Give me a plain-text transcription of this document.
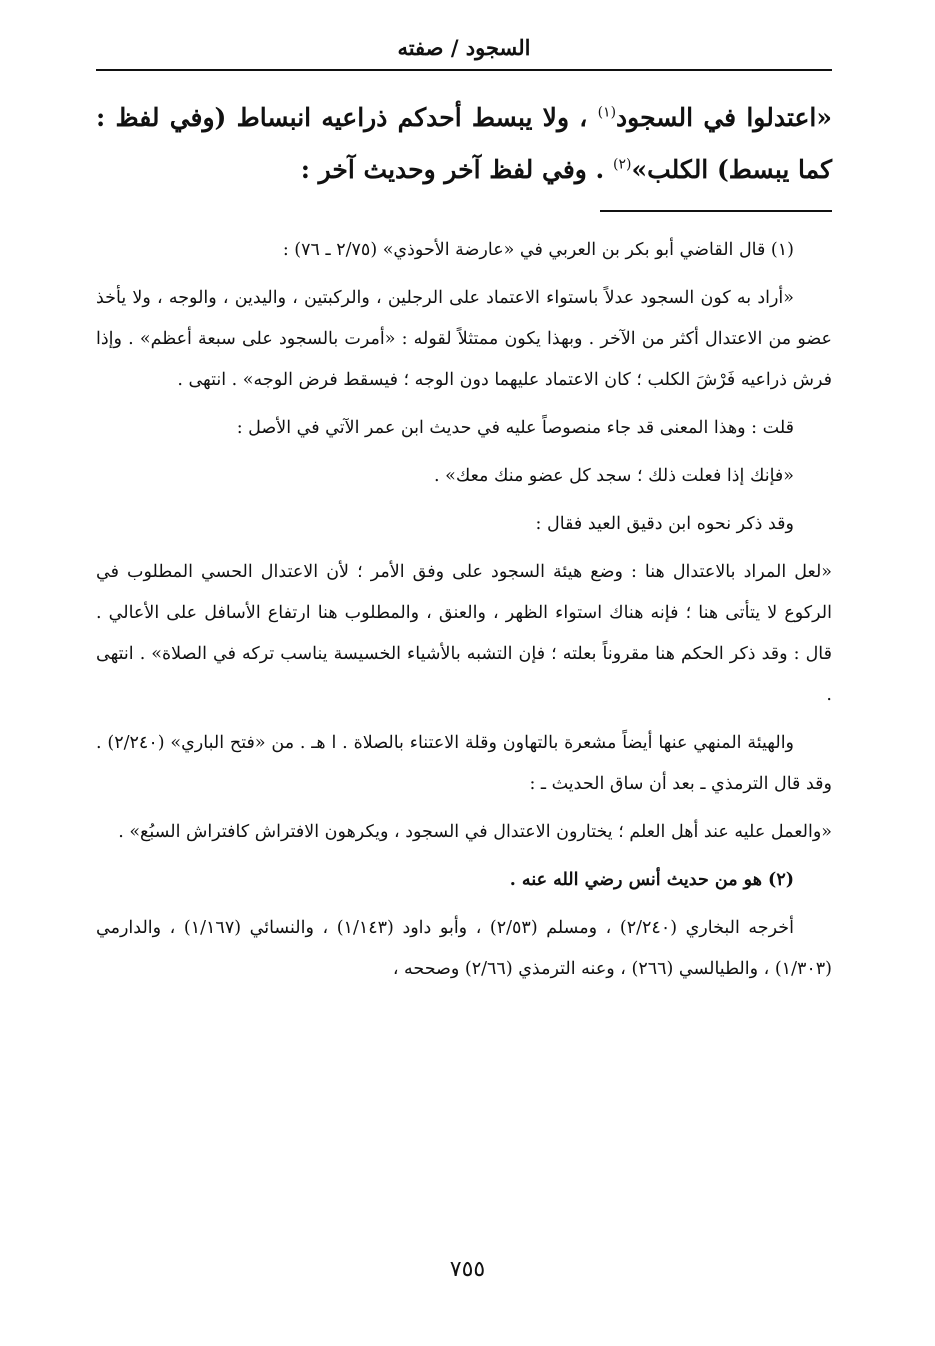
السجود / صفته
«اعتدلوا في السجود$^{(١)}$ ، ولا يبسط أحدكم ذراعيه انبساط (وفي لفظ : كما يبسط) الكلب»$^{(٢)}$ . وفي لفظ آخر وحديث آخر :

(١) قال القاضي أبو بكر بن العربي في «عارضة الأحوذي» (٢/٧٥ ـ ٧٦) :

«أراد به كون السجود عدلاً باستواء الاعتماد على الرجلين ، والركبتين ، واليدين ، والوجه ، ولا يأخذ عضو من الاعتدال أكثر من الآخر . وبهذا يكون ممتثلاً لقوله : «أمرت بالسجود على سبعة أعظم» . وإذا فرش ذراعيه فَرْشَ الكلب ؛ كان الاعتماد عليهما دون الوجه ؛ فيسقط فرض الوجه» . انتهى .

قلت : وهذا المعنى قد جاء منصوصاً عليه في حديث ابن عمر الآتي في الأصل :

«فإنك إذا فعلت ذلك ؛ سجد كل عضو منك معك» .

وقد ذكر نحوه ابن دقيق العيد فقال :

«لعل المراد بالاعتدال هنا : وضع هيئة السجود على وفق الأمر ؛ لأن الاعتدال الحسي المطلوب في الركوع لا يتأتى هنا ؛ فإنه هناك استواء الظهر ، والعنق ، والمطلوب هنا ارتفاع الأسافل على الأعالي . قال : وقد ذكر الحكم هنا مقروناً بعلته ؛ فإن التشبه بالأشياء الخسيسة يناسب تركه في الصلاة» . انتهى .

والهيئة المنهي عنها أيضاً مشعرة بالتهاون وقلة الاعتناء بالصلاة . ا هـ . من «فتح الباري» (٢/٢٤٠) . وقد قال الترمذي ـ بعد أن ساق الحديث ـ :

«والعمل عليه عند أهل العلم ؛ يختارون الاعتدال في السجود ، ويكرهون الافتراش كافتراش السبُع» .

(٢) هو من حديث أنس رضي الله عنه .

أخرجه البخاري (٢/٢٤٠) ، ومسلم (٢/٥٣) ، وأبو داود (١/١٤٣) ، والنسائي (١/١٦٧) ، والدارمي (١/٣٠٣) ، والطيالسي (٢٦٦) ، وعنه الترمذي (٢/٦٦) وصححه ،

٧٥٥
